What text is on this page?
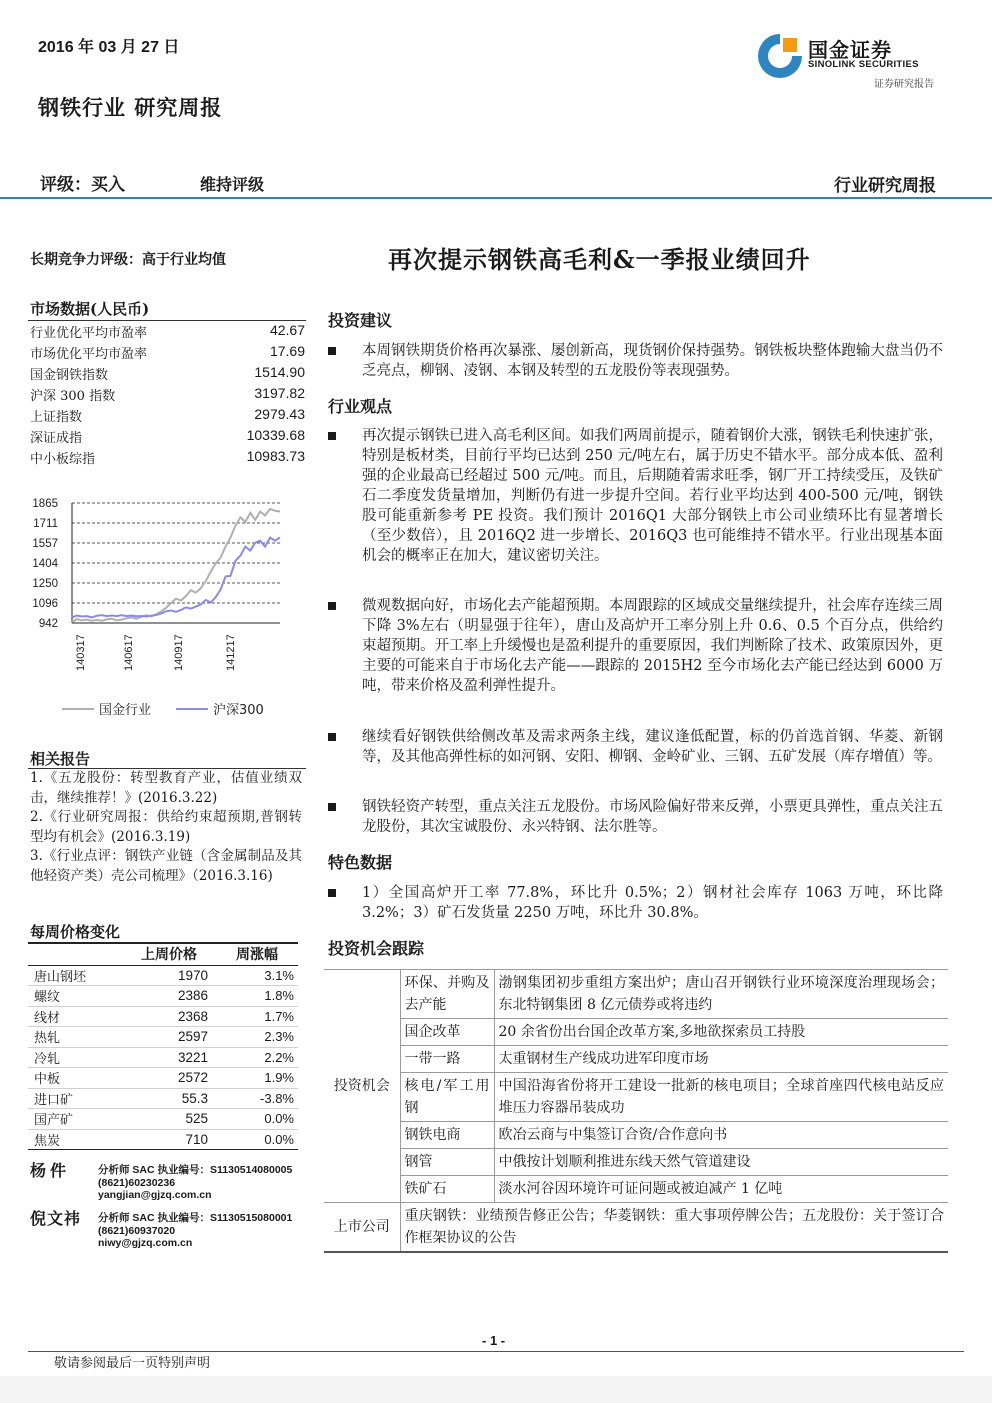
2016 年 03 月 27 日	国金证券
SINOLINK SECURITIES
证券研究报告
钢铁行业 研究周报
评级：买入	维持评级	行业研究周报
长期竞争力评级：高于行业均值	再次提示钢铁高毛利&一季报业绩回升
市场数据(人民币)
行业优化平均市盈率	42.67
市场优化平均市盈率	17.69
国金钢铁指数	1514.90
沪深 300 指数	3197.82
上证指数	2979.43
深证成指	10339.68
中小板综指	10983.73
1865
1711
1557
1404
1250
1096
942
140317	140617	140917	141217
国金行业	沪深300
相关报告
1.《五龙股份：转型教育产业，估值业绩双击，继续推荐！》(2016.3.22)
2.《行业研究周报：供给约束超预期,普钢转型均有机会》(2016.3.19)
3.《行业点评：钢铁产业链（含金属制品及其他轻资产类）壳公司梳理》（2016.3.16)
每周价格变化
	上周价格	周涨幅
唐山钢坯	1970	3.1%
螺纹	2386	1.8%
线材	2368	1.7%
热轧	2597	2.3%
冷轧	3221	2.2%
中板	2572	1.9%
进口矿	55.3	-3.8%
国产矿	525	0.0%
焦炭	710	0.0%
杨件	分析师 SAC 执业编号：S1130514080005
(8621)60230236
yangjian@gjzq.com.cn
倪文祎 分析师 SAC 执业编号：S1130515080001
(8621)60937020
niwy@gjzq.com.cn
投资建议
本周钢铁期货价格再次暴涨、屡创新高，现货钢价保持强势。钢铁板块整体跑输大盘当仍不乏亮点，柳钢、凌钢、本钢及转型的五龙股份等表现强势。
行业观点
再次提示钢铁已进入高毛利区间。如我们两周前提示，随着钢价大涨，钢铁毛利快速扩张，特别是板材类，目前行平均已达到 250 元/吨左右，属于历史不错水平。部分成本低、盈利强的企业最高已经超过 500 元/吨。而且，后期随着需求旺季，钢厂开工持续受压，及铁矿石二季度发货量增加，判断仍有进一步提升空间。若行业平均达到 400-500 元/吨，钢铁股可能重新参考 PE 投资。我们预计 2016Q1 大部分钢铁上市公司业绩环比有显著增长（至少数倍），且 2016Q2 进一步增长、2016Q3 也可能维持不错水平。行业出现基本面机会的概率正在加大，建议密切关注。
微观数据向好，市场化去产能超预期。本周跟踪的区域成交量继续提升，社会库存连续三周下降 3%左右（明显强于往年），唐山及高炉开工率分别上升 0.6、0.5 个百分点，供给约束超预期。开工率上升缓慢也是盈利提升的重要原因，我们判断除了技术、政策原因外，更主要的可能来自于市场化去产能——跟踪的 2015H2 至今市场化去产能已经达到 6000 万吨，带来价格及盈利弹性提升。
继续看好钢铁供给侧改革及需求两条主线，建议逢低配置，标的仍首选首钢、华菱、新钢等，及其他高弹性标的如河钢、安阳、柳钢、金岭矿业、三钢、五矿发展（库存增值）等。
钢铁轻资产转型，重点关注五龙股份。市场风险偏好带来反弹，小票更具弹性，重点关注五龙股份，其次宝诚股份、永兴特钢、法尔胜等。
特色数据
1）全国高炉开工率 77.8%，环比升 0.5%；2）钢材社会库存 1063 万吨，环比降 3.2%；3）矿石发货量 2250 万吨，环比升 30.8%。
投资机会跟踪
投资机会	环保、并购及去产能	渤钢集团初步重组方案出炉；唐山召开钢铁行业环境深度治理现场会；东北特钢集团 8 亿元债券或将违约
	国企改革	20 余省份出台国企改革方案,多地欲探索员工持股
	一带一路	太重钢材生产线成功进军印度市场
	核电/军工用钢	中国沿海省份将开工建设一批新的核电项目；全球首座四代核电站反应堆压力容器吊装成功
	钢铁电商	欧冶云商与中集签订合资/合作意向书
	钢管	中俄按计划顺利推进东线天然气管道建设
	铁矿石	淡水河谷因环境许可证问题或被迫减产 1 亿吨
上市公司	重庆钢铁：业绩预告修正公告；华菱钢铁：重大事项停牌公告；五龙股份：关于签订合作框架协议的公告	
- 1 -
敬请参阅最后一页特别声明
